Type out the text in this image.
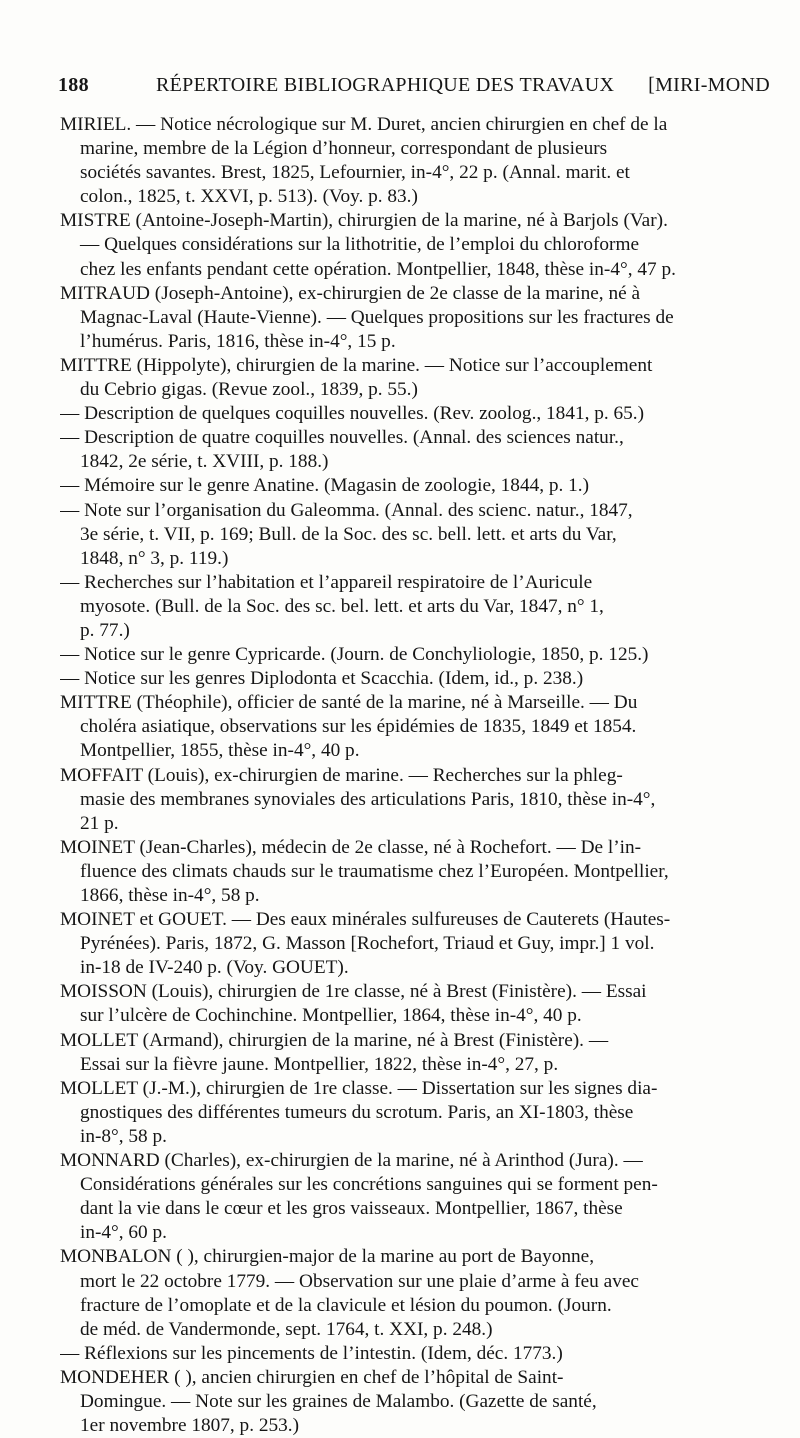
188	RÉPERTOIRE BIBLIOGRAPHIQUE DES TRAVAUX [MIRI-MOND
MIRIEL. — Notice nécrologique sur M. Duret, ancien chirurgien en chef de la
marine, membre de la Légion d’honneur, correspondant de plusieurs
sociétés savantes. Brest, 1825, Lefournier, in-4°, 22 p. (Annal. marit. et
colon., 1825, t. XXVI, p. 513). (Voy. p. 83.)
MISTRE (Antoine-Joseph-Martin), chirurgien de la marine, né à Barjols (Var).
— Quelques considérations sur la lithotritie, de l’emploi du chloroforme
chez les enfants pendant cette opération. Montpellier, 1848, thèse in-4°, 47 p.
MITRAUD (Joseph-Antoine), ex-chirurgien de 2e classe de la marine, né à
Magnac-Laval (Haute-Vienne). — Quelques propositions sur les fractures de
l’humérus. Paris, 1816, thèse in-4°, 15 p.
MITTRE (Hippolyte), chirurgien de la marine. — Notice sur l’accouplement
du Cebrio gigas. (Revue zool., 1839, p. 55.)
— Description de quelques coquilles nouvelles. (Rev. zoolog., 1841, p. 65.)
— Description de quatre coquilles nouvelles. (Annal. des sciences natur.,
1842, 2e série, t. XVIII, p. 188.)
— Mémoire sur le genre Anatine. (Magasin de zoologie, 1844, p. 1.)
— Note sur l’organisation du Galeomma. (Annal. des scienc. natur., 1847,
3e série, t. VII, p. 169; Bull. de la Soc. des sc. bell. lett. et arts du Var,
1848, n° 3, p. 119.)
— Recherches sur l’habitation et l’appareil respiratoire de l’Auricule
myosote. (Bull. de la Soc. des sc. bel. lett. et arts du Var, 1847, n° 1,
p. 77.)
— Notice sur le genre Cypricarde. (Journ. de Conchyliologie, 1850, p. 125.)
— Notice sur les genres Diplodonta et Scacchia. (Idem, id., p. 238.)
MITTRE (Théophile), officier de santé de la marine, né à Marseille. — Du
choléra asiatique, observations sur les épidémies de 1835, 1849 et 1854.
Montpellier, 1855, thèse in-4°, 40 p.
MOFFAIT (Louis), ex-chirurgien de marine. — Recherches sur la phleg-
masie des membranes synoviales des articulations Paris, 1810, thèse in-4°,
21 p.
MOINET (Jean-Charles), médecin de 2e classe, né à Rochefort. — De l’in-
fluence des climats chauds sur le traumatisme chez l’Européen. Montpellier,
1866, thèse in-4°, 58 p.
MOINET et GOUET. — Des eaux minérales sulfureuses de Cauterets (Hautes-
Pyrénées). Paris, 1872, G. Masson [Rochefort, Triaud et Guy, impr.] 1 vol.
in-18 de IV-240 p. (Voy. GOUET).
MOISSON (Louis), chirurgien de 1re classe, né à Brest (Finistère). — Essai
sur l’ulcère de Cochinchine. Montpellier, 1864, thèse in-4°, 40 p.
MOLLET (Armand), chirurgien de la marine, né à Brest (Finistère). —
Essai sur la fièvre jaune. Montpellier, 1822, thèse in-4°, 27, p.
MOLLET (J.-M.), chirurgien de 1re classe. — Dissertation sur les signes dia-
gnostiques des différentes tumeurs du scrotum. Paris, an XI-1803, thèse
in-8°, 58 p.
MONNARD (Charles), ex-chirurgien de la marine, né à Arinthod (Jura). —
Considérations générales sur les concrétions sanguines qui se forment pen-
dant la vie dans le cœur et les gros vaisseaux. Montpellier, 1867, thèse
in-4°, 60 p.
MONBALON ( ), chirurgien-major de la marine au port de Bayonne,
mort le 22 octobre 1779. — Observation sur une plaie d’arme à feu avec
fracture de l’omoplate et de la clavicule et lésion du poumon. (Journ.
de méd. de Vandermonde, sept. 1764, t. XXI, p. 248.)
— Réflexions sur les pincements de l’intestin. (Idem, déc. 1773.)
MONDEHER ( ), ancien chirurgien en chef de l’hôpital de Saint-
Domingue. — Note sur les graines de Malambo. (Gazette de santé,
1er novembre 1807, p. 253.)
